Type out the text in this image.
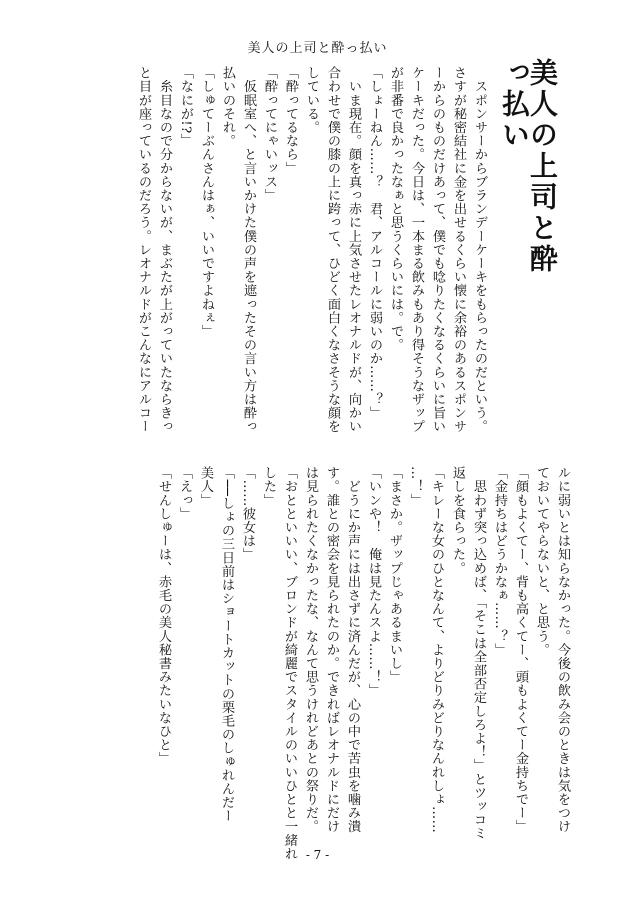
美人の上司と酔っ払い
美人の上司と酔っ払い
　スポンサーからブランデーケーキをもらったのだという。
さすが秘密結社に金を出せるくらい懐に余裕のあるスポンサ
ーからのものだけあって、僕でも唸りたくなるくらいに旨い
ケーキだった。今日は、一本まる飲みもあり得そうなザップ
が非番で良かったなぁと思うくらいには。で。
「しょーねん……？　君、アルコールに弱いのか……？」
　いま現在。顔を真っ赤に上気させたレオナルドが、向かい
合わせで僕の膝の上に跨って、ひどく面白くなさそうな顔を
している。
「酔ってるなら」
「酔ってにゃいッス」
　仮眠室へ、と言いかけた僕の声を遮ったその言い方は酔っ
払いのそれ。
「しゅてーぶんさんはぁ、いいですよねぇ」
「なにが!?」
　糸目なので分からないが、まぶたが上がっていたならきっ
と目が座っているのだろう。レオナルドがこんなにアルコー
ルに弱いとは知らなかった。今後の飲み会のときは気をつけ
ておいてやらないと、と思う。
「顔もよくてー、背も高くてー、頭もよくてー金持ちでー」
「金持ちはどうかなぁ……？」
　思わず突っ込めば、「そこは全部否定しろよ！」とツッコミ
返しを食らった。
「キレーな女のひとなんて、よりどりみどりなんれしょ……
…！」
「まさか。ザップじゃあるまいし」
「いンや！　俺は見たんスよ……！」
　どうにか声には出さずに済んだが、心の中で苦虫を噛み潰
す。誰との密会を見られたのか。できればレオナルドにだけ
は見られたくなかったな、なんて思うけれどあとの祭りだ。
「おとといいい、ブロンドが綺麗でスタイルのいいひとと一緒れ
した」
「……彼女は」
「──しょの三日前はショートカットの栗毛のしゅれんだー
美人」
「えっ」
「せんしゅーは、赤毛の美人秘書みたいなひと」
- 7 -
